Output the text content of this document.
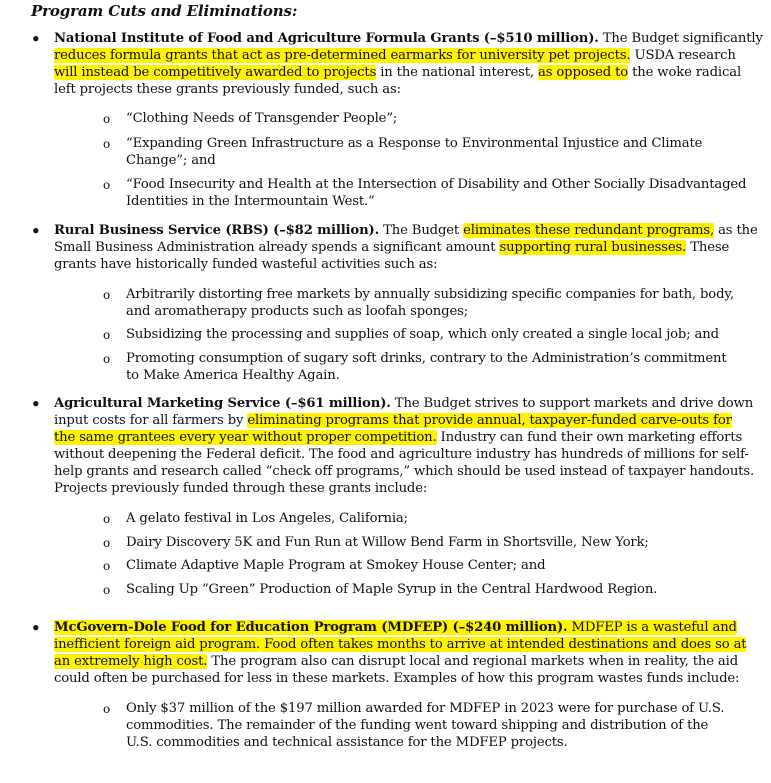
Program Cuts and Eliminations:
• National Institute of Food and Agriculture Formula Grants (–$510 million). The Budget significantly
reduces formula grants that act as pre-determined earmarks for university pet projects. USDA research
will instead be competitively awarded to projects in the national interest, as opposed to the woke radical
left projects these grants previously funded, such as:
o “Clothing Needs of Transgender People”;
o “Expanding Green Infrastructure as a Response to Environmental Injustice and Climate
Change”; and
o “Food Insecurity and Health at the Intersection of Disability and Other Socially Disadvantaged
Identities in the Intermountain West.”
• Rural Business Service (RBS) (–$82 million). The Budget eliminates these redundant programs, as the
Small Business Administration already spends a significant amount supporting rural businesses. These
grants have historically funded wasteful activities such as:
o Arbitrarily distorting free markets by annually subsidizing specific companies for bath, body,
and aromatherapy products such as loofah sponges;
o Subsidizing the processing and supplies of soap, which only created a single local job; and
o Promoting consumption of sugary soft drinks, contrary to the Administration’s commitment
to Make America Healthy Again.
• Agricultural Marketing Service (–$61 million). The Budget strives to support markets and drive down
input costs for all farmers by eliminating programs that provide annual, taxpayer-funded carve-outs for
the same grantees every year without proper competition. Industry can fund their own marketing efforts
without deepening the Federal deficit. The food and agriculture industry has hundreds of millions for self-
help grants and research called “check off programs,” which should be used instead of taxpayer handouts.
Projects previously funded through these grants include:
o A gelato festival in Los Angeles, California;
o Dairy Discovery 5K and Fun Run at Willow Bend Farm in Shortsville, New York;
o Climate Adaptive Maple Program at Smokey House Center; and
o Scaling Up “Green” Production of Maple Syrup in the Central Hardwood Region.
• McGovern-Dole Food for Education Program (MDFEP) (–$240 million). MDFEP is a wasteful and
inefficient foreign aid program. Food often takes months to arrive at intended destinations and does so at
an extremely high cost. The program also can disrupt local and regional markets when in reality, the aid
could often be purchased for less in these markets. Examples of how this program wastes funds include:
o Only $37 million of the $197 million awarded for MDFEP in 2023 were for purchase of U.S.
commodities. The remainder of the funding went toward shipping and distribution of the
U.S. commodities and technical assistance for the MDFEP projects.
